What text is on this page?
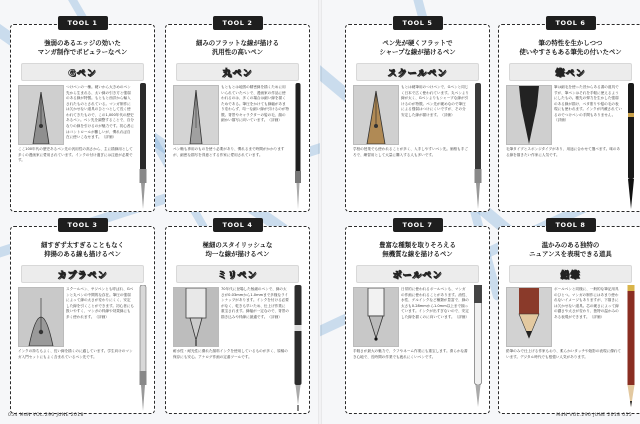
TOOL 1
強弱のあるエッジの効いた
マンガ制作でポピュラーなペン
Gペン
つけペンの一種。硬いから大きめのペン先から生まれる、太い線の引き方と強弱のある線が特徴。もともと西洋から輸入されたものとされている。マンガ制作には欠かせない道具のひとつとして長く使われてきたもので、この1,000年代の歴史あるペン。ペン先を調整することで、自分なりの線を引けるのが魅力です。初心者にはコントロールが難しいが、慣れれば自在に使いこなせます。（評価）
ここ100年代の歴史あるペン先の汎用性の高さから、主に描線用として多くの漫画家に愛用されています。インクの付け過ぎには注意が必要です。
TOOL 2
細みのフラットな線が描ける
汎用性の高いペン
丸ペン
もともとは地図の精密線を描くために用いられていたペンで、漫画家の作品に使われるのは、多くの場合は細い線を描くためである。筆圧をかけても線幅があまり変わらず、均一な細い線が引けるのが特徴。背景やキャラクターの髪の毛、顔の細かい描写に向いています。（評価）
ペン軸も専用のものを使う必要があり、慣れるまで時間がかかりますが、細密な描写を得意とする作家に愛用されています。
TOOL 3
細すぎず太すぎることもなく
抑揚のある線も描けるペン
カブラペン
スクールペン、サジペンとも呼ばれ、Gペンと丸ペンの中間的な存在。筆圧の強弱によって線の太さが変わりにくく、安定した線を引くことができます。初心者にも扱いやすく、マンガの枠線や効果線にも多く使われます。（評価）
インクの持ちもよく、長い線を描くのに適しています。学生向けのマンガ入門セットにもよく含まれているペン先です。
TOOL 4
極細のスタイリッシュな
均一な線が描けるペン
ミリペン
70年代に登場した極細のペンで、線の太さが0.03mmから1.0mmまで多様なラインナップがあります。インクを付ける必要がなく、乾きも早いため、仕上げ作業に重宝されます。線幅が一定なので、背景の描き込みや枠線に最適です。（評価）
耐水性・耐光性に優れた顔料インクを使用しているものが多く、原稿の保存にも安心。アナログ作画の定番ツールです。
TOOL 5
ペン先が硬くフラットで
シャープな線が描けるペン
スクールペン
もとは硬筆用のつけペンで、Gペンと同じく日本で広く使われています。丸ペンより線が太く、Gペンよりもシャープな線が引けるのが特徴。ペン先が硬めなので筆圧による強弱はつけにくいですが、その分安定した線が描けます。（評価）
学校の授業でも使われることが多く、入手しやすいペン先。価格も手ごろで、練習用として大量に購入する人も多いです。
TOOL 6
筆の特性を生かしつつ
使いやすさもある筆先の付いたペン
筆ペン
筆は細毛を使った昔からある書の道具ですが、筆ペンはそれを手軽に使えるようにしたもの。穂先の弾力を生かした強弱のある線が描け、ベタ塗りや髪の毛の表現にも使われます。インクが内蔵されているのでつけペンの手間もありません。（評価）
毛筆タイプとスポンジタイプがあり、用途に合わせて選べます。味のある線を描きたい作家に人気です。
TOOL 7
豊富な種類を取りそろえる
無機質な線を描けるペン
ボールペン
日常的に使われるボールペンも、マンガの作画に使われることがあります。油性、水性、ゲルインクなど種類が豊富で、線の太さも0.28mmから1.0mm以上まで揃っています。インクが出すぎないので、安定した線を描くのに向いています。（評価）
手軽さが最大の魅力で、ラフやネーム作業にも重宝します。滑らかな書き心地で、長時間の作業でも疲れにくいペンです。
TOOL 8
温かみのある独特の
ニュアンスを表現できる道具
鉛筆
ボールペンと同様に、一般的な筆記用具のひとつ。マンガの制作にはあまり使われないイメージもありますが、下描きには欠かせない道具。芯の硬さによって線の濃さや太さが変わり、独特の温かみのある表現ができます。（評価）
鉛筆のみで仕上げる作家もおり、柔らかいタッチや陰影の表現に優れています。デジタル時代でも根強い人気があります。
054 MdN VOL.290 JUNE 2018	MdN VOL.290 JUNE 2018 055
